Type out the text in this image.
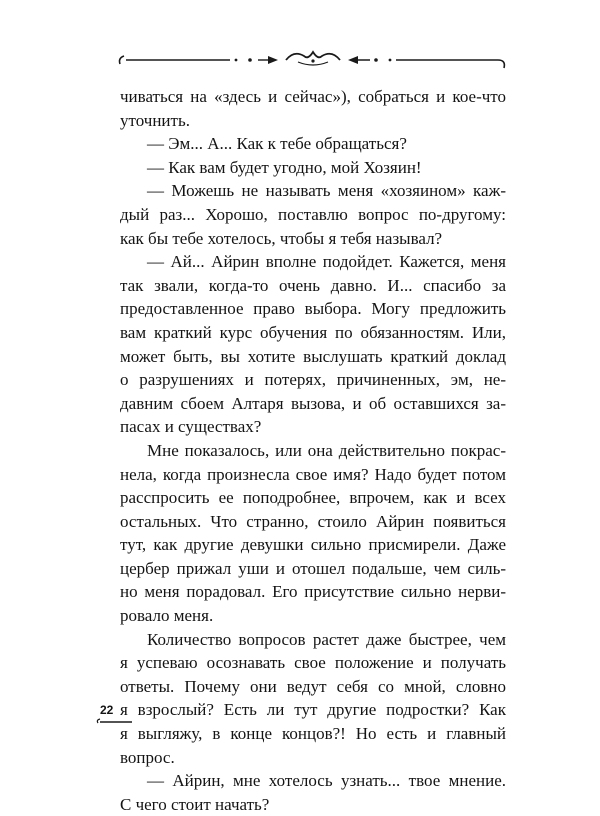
чиваться на «здесь и сейчас»), собраться и кое-что
уточнить.
— Эм... А... Как к тебе обращаться?
— Как вам будет угодно, мой Хозяин!
— Можешь не называть меня «хозяином» каж-
дый раз... Хорошо, поставлю вопрос по-другому:
как бы тебе хотелось, чтобы я тебя называл?
— Ай... Айрин вполне подойдет. Кажется, меня
так звали, когда-то очень давно. И... спасибо за
предоставленное право выбора. Могу предложить
вам краткий курс обучения по обязанностям. Или,
может быть, вы хотите выслушать краткий доклад
о разрушениях и потерях, причиненных, эм, не-
давним сбоем Алтаря вызова, и об оставшихся за-
пасах и существах?
Мне показалось, или она действительно покрас-
нела, когда произнесла свое имя? Надо будет потом
расспросить ее поподробнее, впрочем, как и всех
остальных. Что странно, стоило Айрин появиться
тут, как другие девушки сильно присмирели. Даже
цербер прижал уши и отошел подальше, чем силь-
но меня порадовал. Его присутствие сильно нерви-
ровало меня.
Количество вопросов растет даже быстрее, чем
я успеваю осознавать свое положение и получать
ответы. Почему они ведут себя со мной, словно
я взрослый? Есть ли тут другие подростки? Как
я выгляжу, в конце концов?! Но есть и главный
вопрос.
— Айрин, мне хотелось узнать... твое мнение.
С чего стоит начать?
22
